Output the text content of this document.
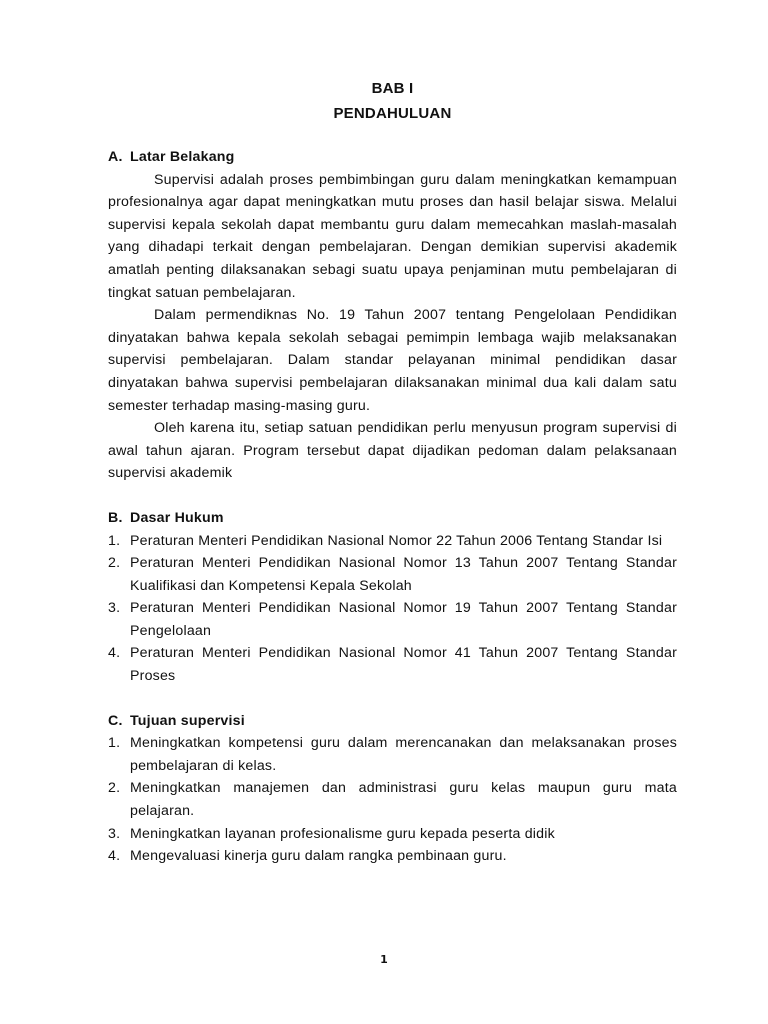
BAB I

PENDAHULUAN

A. Latar Belakang

Supervisi adalah proses pembimbingan guru dalam meningkatkan kemampuan profesionalnya agar dapat meningkatkan mutu proses dan hasil belajar siswa. Melalui supervisi kepala sekolah dapat membantu guru dalam memecahkan maslah-masalah yang dihadapi terkait dengan pembelajaran. Dengan demikian supervisi akademik amatlah penting dilaksanakan sebagi suatu upaya penjaminan mutu pembelajaran di tingkat satuan pembelajaran.

Dalam permendiknas No. 19 Tahun 2007 tentang Pengelolaan Pendidikan dinyatakan bahwa kepala sekolah sebagai pemimpin lembaga wajib melaksanakan supervisi pembelajaran. Dalam standar pelayanan minimal pendidikan dasar dinyatakan bahwa supervisi pembelajaran dilaksanakan minimal dua kali dalam satu semester terhadap masing-masing guru.

Oleh karena itu, setiap satuan pendidikan perlu menyusun program supervisi di awal tahun ajaran. Program tersebut dapat dijadikan pedoman dalam pelaksanaan supervisi akademik

B. Dasar Hukum
1. Peraturan Menteri Pendidikan Nasional Nomor 22 Tahun 2006 Tentang Standar Isi
2. Peraturan Menteri Pendidikan Nasional Nomor 13 Tahun 2007 Tentang Standar Kualifikasi dan Kompetensi Kepala Sekolah
3. Peraturan Menteri Pendidikan Nasional Nomor 19 Tahun 2007 Tentang Standar Pengelolaan
4. Peraturan Menteri Pendidikan Nasional Nomor 41 Tahun 2007 Tentang Standar Proses
C. Tujuan supervisi
1. Meningkatkan kompetensi guru dalam merencanakan dan melaksanakan proses pembelajaran di kelas.
2. Meningkatkan manajemen dan administrasi guru kelas maupun guru mata pelajaran.
3. Meningkatkan layanan profesionalisme guru kepada peserta didik
4. Mengevaluasi kinerja guru dalam rangka pembinaan guru.
1
